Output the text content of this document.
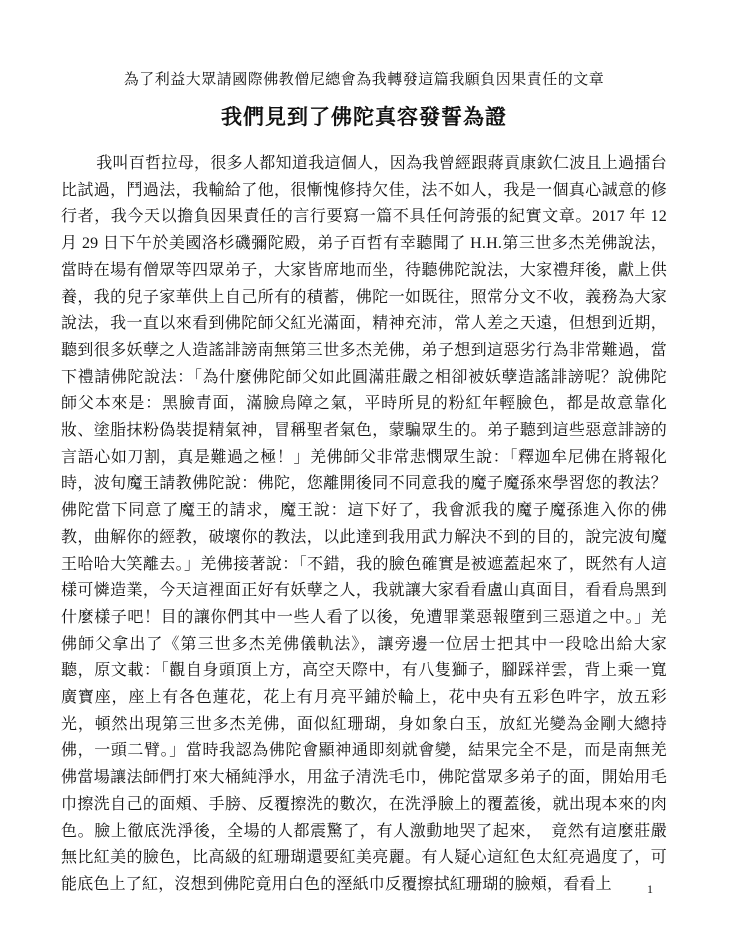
為了利益大眾請國際佛教僧尼總會為我轉發這篇我願負因果責任的文章

我們見到了佛陀真容發誓為證

我叫百哲拉母，很多人都知道我這個人，因為我曾經跟蔣貢康欽仁波且上過擂台比試過，鬥過法，我輸給了他，很慚愧修持欠佳，法不如人，我是一個真心誠意的修行者，我今天以擔負因果責任的言行要寫一篇不具任何誇張的紀實文章。2017 年 12 月 29 日下午於美國洛杉磯彌陀殿，弟子百哲有幸聽聞了 H.H.第三世多杰羌佛說法，當時在場有僧眾等四眾弟子，大家皆席地而坐，待聽佛陀說法，大家禮拜後，獻上供養，我的兒子家華供上自己所有的積蓄，佛陀一如既往，照常分文不收，義務為大家說法，我一直以來看到佛陀師父紅光滿面，精神充沛，常人差之天遠，但想到近期，聽到很多妖孽之人造謠誹謗南無第三世多杰羌佛，弟子想到這惡劣行為非常難過，當下禮請佛陀說法：「為什麼佛陀師父如此圓滿莊嚴之相卻被妖孽造謠誹謗呢？說佛陀師父本來是：黑臉青面，滿臉烏障之氣，平時所見的粉紅年輕臉色，都是故意靠化妝、塗脂抹粉偽裝提精氣神，冒稱聖者氣色，蒙騙眾生的。弟子聽到這些惡意誹謗的言語心如刀割，真是難過之極！」羌佛師父非常悲憫眾生說：「釋迦牟尼佛在將報化時，波旬魔王請教佛陀說：佛陀，您離開後同不同意我的魔子魔孫來學習您的教法？佛陀當下同意了魔王的請求，魔王說：這下好了，我會派我的魔子魔孫進入你的佛教，曲解你的經教，破壞你的教法，以此達到我用武力解決不到的目的，說完波旬魔王哈哈大笑離去。」羌佛接著說：「不錯，我的臉色確實是被遮蓋起來了，既然有人這樣可憐造業，今天這裡面正好有妖孽之人，我就讓大家看看盧山真面目，看看烏黑到什麼樣子吧！目的讓你們其中一些人看了以後，免遭罪業惡報墮到三惡道之中。」羌佛師父拿出了《第三世多杰羌佛儀軌法》，讓旁邊一位居士把其中一段唸出給大家聽，原文載：「觀自身頭頂上方，高空天際中，有八隻獅子，腳踩祥雲，背上乘一寬廣寶座，座上有各色蓮花，花上有月亮平鋪於輪上，花中央有五彩色吽字，放五彩光，頓然出現第三世多杰羌佛，面似紅珊瑚，身如象白玉，放紅光變為金剛大總持佛，一頭二臂。」當時我認為佛陀會顯神通即刻就會變，結果完全不是，而是南無羌佛當場讓法師們打來大桶純淨水，用盆子清洗毛巾，佛陀當眾多弟子的面，開始用毛巾擦洗自己的面頰、手膀、反覆擦洗的數次，在洗淨臉上的覆蓋後，就出現本來的肉色。臉上徹底洗淨後，全場的人都震驚了，有人激動地哭了起來，　竟然有這麼莊嚴無比紅美的臉色，比高級的紅珊瑚還要紅美亮麗。有人疑心這紅色太紅亮過度了，可能底色上了紅，沒想到佛陀竟用白色的溼紙巾反覆擦拭紅珊瑚的臉頰，看看上	1
